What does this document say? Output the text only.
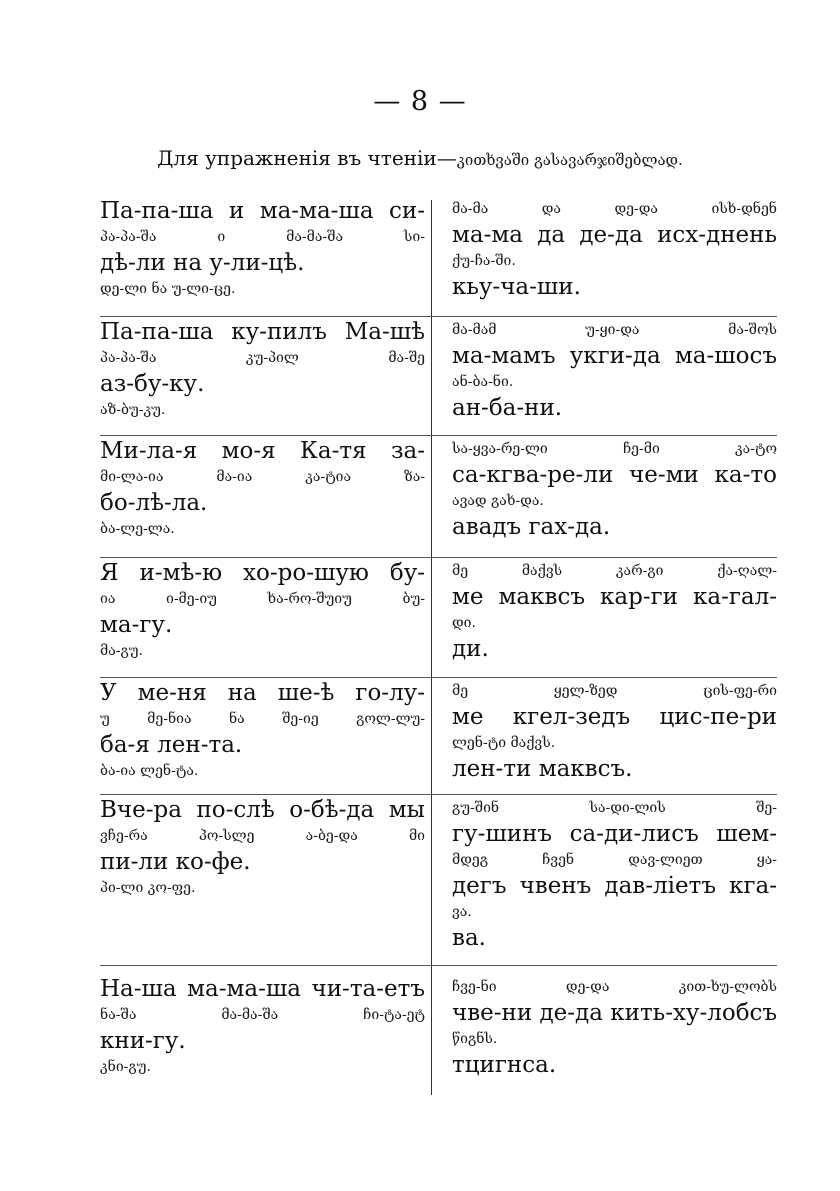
— 8 —
Для упражненія въ чтеніи—კითხვაში გასავარჯიშებლად.
Па-па-ша и ма-ма-ша си-
პა-პა-შა ი მა-მა-შა სი-
дѣ-ли на у-ли-цѣ.
დე-ლი ნა უ-ლი-ცე.
მა-მა და დე-და ისხ-დნენ
ма-ма да де-да исх-днень
ქუ-ჩა-ში.
кьу-ча-ши.
Па-па-ша ку-пилъ Ма-шѣ
პა-პა-შა კუ-პილ მა-შე
аз-бу-ку.
აზ-ბუ-კუ.
მა-მამ უ-ყი-და მა-შოს
ма-мамъ укги-да ма-шосъ
ან-ბა-ნი.
ан-ба-ни.
Ми-ла-я мо-я Ка-тя за-
მი-ლა-ია მა-ია კა-ტია ზა-
бо-лѣ-ла.
ბა-ლე-ლა.
სა-ყვა-რე-ლი ჩე-მი კა-ტო
са-кгва-ре-ли че-ми ка-то
ავად გახ-და.
авадъ гах-да.
Я и-мѣ-ю хо-ро-шую бу-
ია ი-მე-იუ ხა-რო-შუიუ ბუ-
ма-гу.
მა-გუ.
მე მაქვს კარ-გი ქა-ღალ-
ме маквсъ кар-ги ка-гал-
დი.
ди.
У ме-ня на ше-ѣ го-лу-
უ მე-ნია ნა შე-იე გოლ-ლუ-
ба-я лен-та.
ბა-ია ლენ-ტა.
მე ყელ-ზედ ცის-ფე-რი
ме кгел-зедъ цис-пе-ри
ლენ-ტი მაქვს.
лен-ти маквсъ.
Вче-ра по-слѣ о-бѣ-да мы
ვჩე-რა პო-სლე ა-ბე-და მი
пи-ли ко-фе.
პი-ლი კო-ფე.
გუ-შინ სა-დი-ლის შე-
гу-шинъ са-ди-лисъ шем-
მდეგ ჩვენ დავ-ლიეთ ყა-
дегъ чвенъ дав-ліетъ кга-
ვა.
ва.
На-ша ма-ма-ша чи-та-етъ
ნა-შა მა-მა-შა ჩი-ტა-ეტ
кни-гу.
კნი-გუ.
ჩვე-ნი დე-და კით-ხუ-ლობს
чве-ни де-да кить-ху-лобсъ
წიგნს.
тцигнса.
